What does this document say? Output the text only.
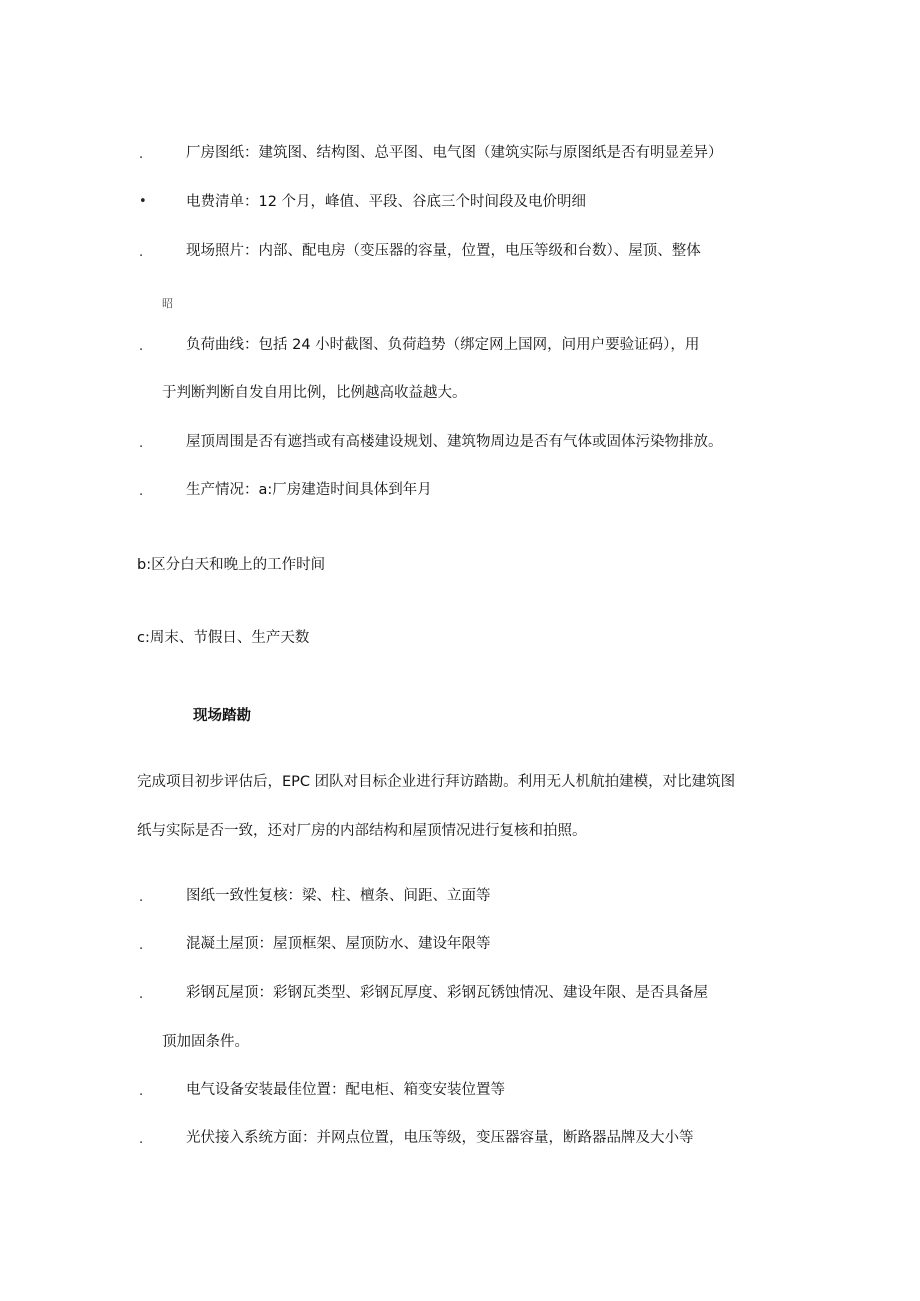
.	厂房图纸：建筑图、结构图、总平图、电气图（建筑实际与原图纸是否有明显差异）
•	电费清单：12 个月，峰值、平段、谷底三个时间段及电价明细
.	现场照片：内部、配电房（变压器的容量，位置，电压等级和台数）、屋顶、整体
昭
.	负荷曲线：包括 24 小时截图、负荷趋势（绑定网上国网，问用户要验证码），用
于判断判断自发自用比例，比例越高收益越大。
.	屋顶周围是否有遮挡或有高楼建设规划、建筑物周边是否有气体或固体污染物排放。
.	生产情况：a:厂房建造时间具体到年月
b:区分白天和晚上的工作时间
c:周末、节假日、生产天数
现场踏勘
完成项目初步评估后，EPC 团队对目标企业进行拜访踏勘。利用无人机航拍建模，对比建筑图
纸与实际是否一致，还对厂房的内部结构和屋顶情况进行复核和拍照。
.	图纸一致性复核：梁、柱、檀条、间距、立面等
.	混凝土屋顶：屋顶框架、屋顶防水、建设年限等
.	彩钢瓦屋顶：彩钢瓦类型、彩钢瓦厚度、彩钢瓦锈蚀情况、建设年限、是否具备屋
顶加固条件。
.	电气设备安装最佳位置：配电柜、箱变安装位置等
.	光伏接入系统方面：并网点位置，电压等级，变压器容量，断路器品牌及大小等
